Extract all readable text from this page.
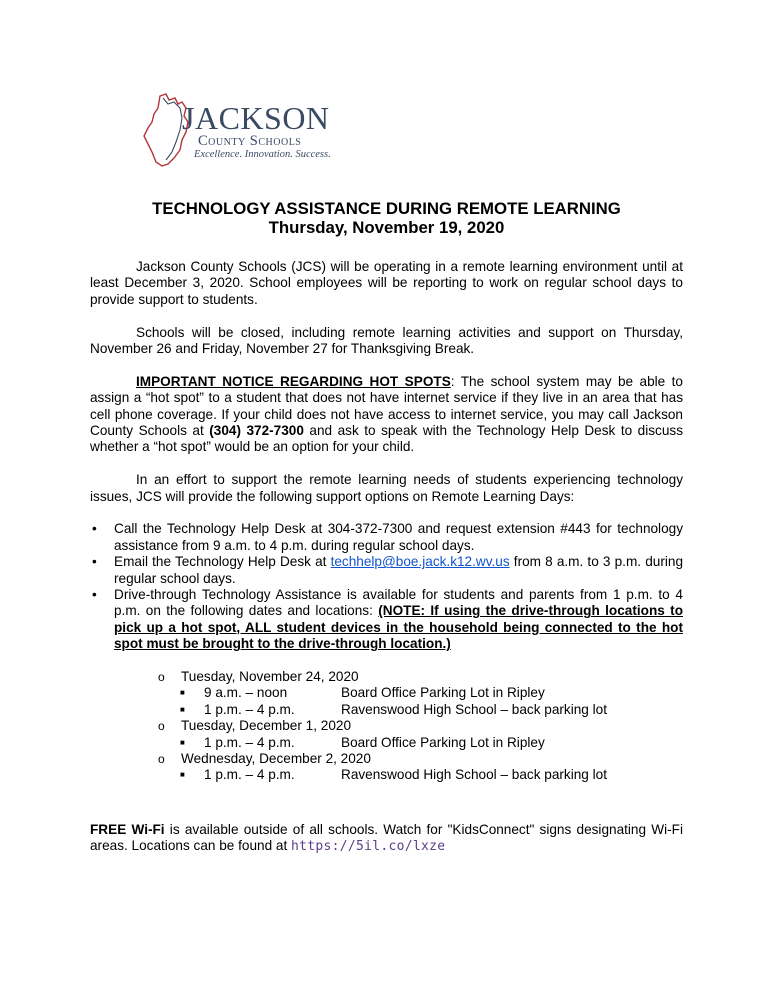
JACKSON
County Schools
Excellence. Innovation. Success.
TECHNOLOGY ASSISTANCE DURING REMOTE LEARNING
Thursday, November 19, 2020

Jackson County Schools (JCS) will be operating in a remote learning environment until at least December 3, 2020. School employees will be reporting to work on regular school days to provide support to students.

Schools will be closed, including remote learning activities and support on Thursday, November 26 and Friday, November 27 for Thanksgiving Break.

IMPORTANT NOTICE REGARDING HOT SPOTS: The school system may be able to assign a “hot spot” to a student that does not have internet service if they live in an area that has cell phone coverage. If your child does not have access to internet service, you may call Jackson County Schools at (304) 372-7300 and ask to speak with the Technology Help Desk to discuss whether a “hot spot” would be an option for your child.

In an effort to support the remote learning needs of students experiencing technology issues, JCS will provide the following support options on Remote Learning Days:

• Call the Technology Help Desk at 304-372-7300 and request extension #443 for technology assistance from 9 a.m. to 4 p.m. during regular school days.
• Email the Technology Help Desk at techhelp@boe.jack.k12.wv.us from 8 a.m. to 3 p.m. during regular school days.
• Drive-through Technology Assistance is available for students and parents from 1 p.m. to 4 p.m. on the following dates and locations: (NOTE: If using the drive-through locations to pick up a hot spot, ALL student devices in the household being connected to the hot spot must be brought to the drive-through location.)
o Tuesday, November 24, 2020
■ 9 a.m. – noon	Board Office Parking Lot in Ripley
■ 1 p.m. – 4 p.m.	Ravenswood High School – back parking lot
o Tuesday, December 1, 2020
■ 1 p.m. – 4 p.m.	Board Office Parking Lot in Ripley
o Wednesday, December 2, 2020
■ 1 p.m. – 4 p.m.	Ravenswood High School – back parking lot

FREE Wi-Fi is available outside of all schools. Watch for "KidsConnect" signs designating Wi-Fi areas. Locations can be found at https://5il.co/lxze
